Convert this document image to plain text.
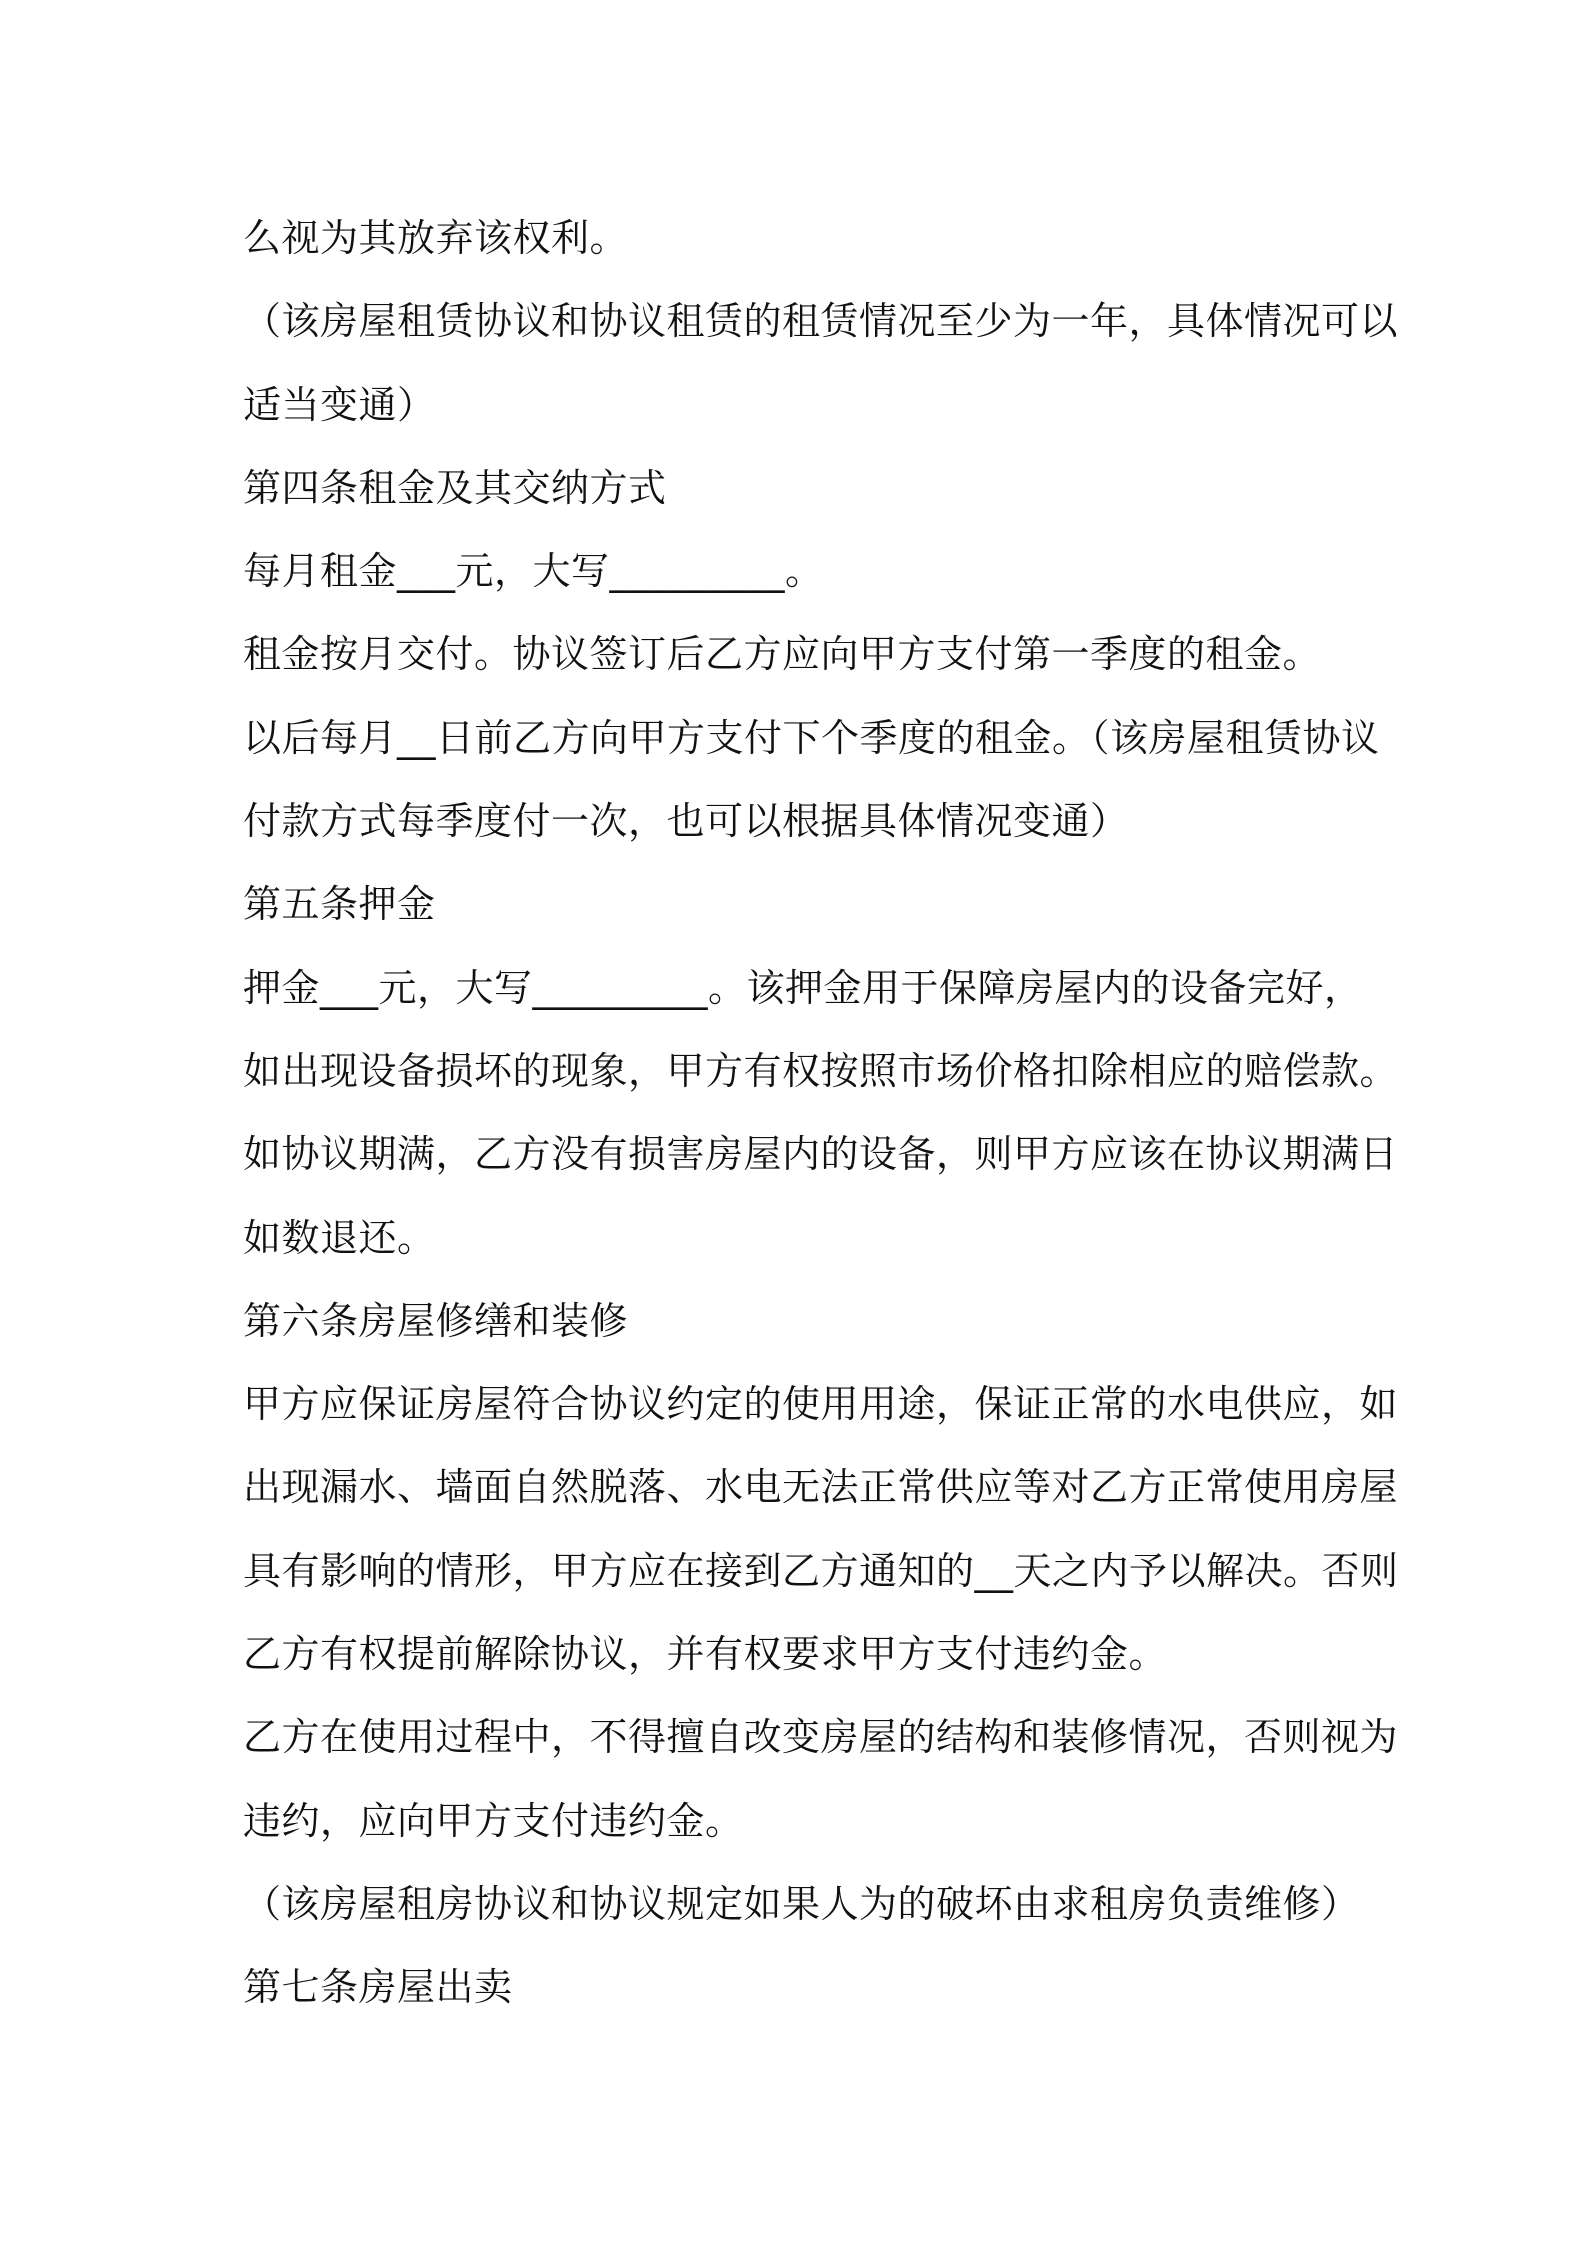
么视为其放弃该权利。
（该房屋租赁协议和协议租赁的租赁情况至少为一年，具体情况可以
适当变通）
第四条租金及其交纳方式
每月租金___元，大写_________。
租金按月交付。协议签订后乙方应向甲方支付第一季度的租金。
以后每月__日前乙方向甲方支付下个季度的租金。（该房屋租赁协议
付款方式每季度付一次，也可以根据具体情况变通）
第五条押金
押金___元，大写_________。该押金用于保障房屋内的设备完好，
如出现设备损坏的现象，甲方有权按照市场价格扣除相应的赔偿款。
如协议期满，乙方没有损害房屋内的设备，则甲方应该在协议期满日
如数退还。
第六条房屋修缮和装修
甲方应保证房屋符合协议约定的使用用途，保证正常的水电供应，如
出现漏水、墙面自然脱落、水电无法正常供应等对乙方正常使用房屋
具有影响的情形，甲方应在接到乙方通知的__天之内予以解决。否则
乙方有权提前解除协议，并有权要求甲方支付违约金。
乙方在使用过程中，不得擅自改变房屋的结构和装修情况，否则视为
违约，应向甲方支付违约金。
（该房屋租房协议和协议规定如果人为的破坏由求租房负责维修）
第七条房屋出卖
